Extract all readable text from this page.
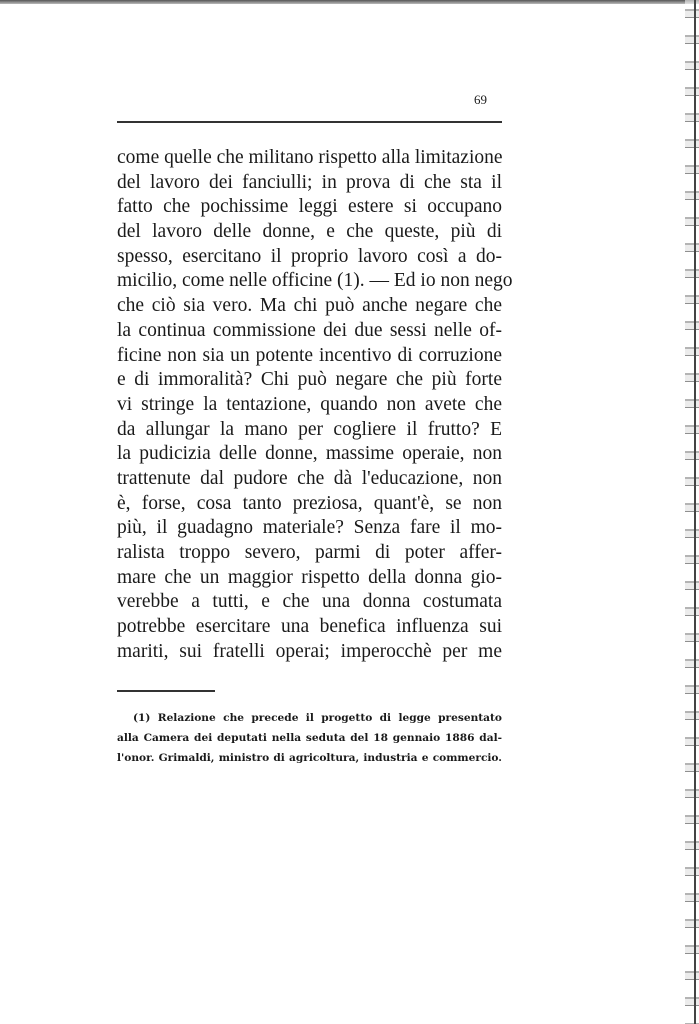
69
come quelle che militano rispetto alla limitazione
del lavoro dei fanciulli; in prova di che sta il
fatto che pochissime leggi estere si occupano
del lavoro delle donne, e che queste, più di
spesso, esercitano il proprio lavoro così a do-
micilio, come nelle officine (1). — Ed io non nego
che ciò sia vero. Ma chi può anche negare che
la continua commissione dei due sessi nelle of-
ficine non sia un potente incentivo di corruzione
e di immoralità? Chi può negare che più forte
vi stringe la tentazione, quando non avete che
da allungar la mano per cogliere il frutto? E
la pudicizia delle donne, massime operaie, non
trattenute dal pudore che dà l'educazione, non
è, forse, cosa tanto preziosa, quant'è, se non
più, il guadagno materiale? Senza fare il mo-
ralista troppo severo, parmi di poter affer-
mare che un maggior rispetto della donna gio-
verebbe a tutti, e che una donna costumata
potrebbe esercitare una benefica influenza sui
mariti, sui fratelli operai; imperocchè per me
(1) Relazione che precede il progetto di legge presentato
alla Camera dei deputati nella seduta del 18 gennaio 1886 dal-
l'onor. Grimaldi, ministro di agricoltura, industria e commercio.
